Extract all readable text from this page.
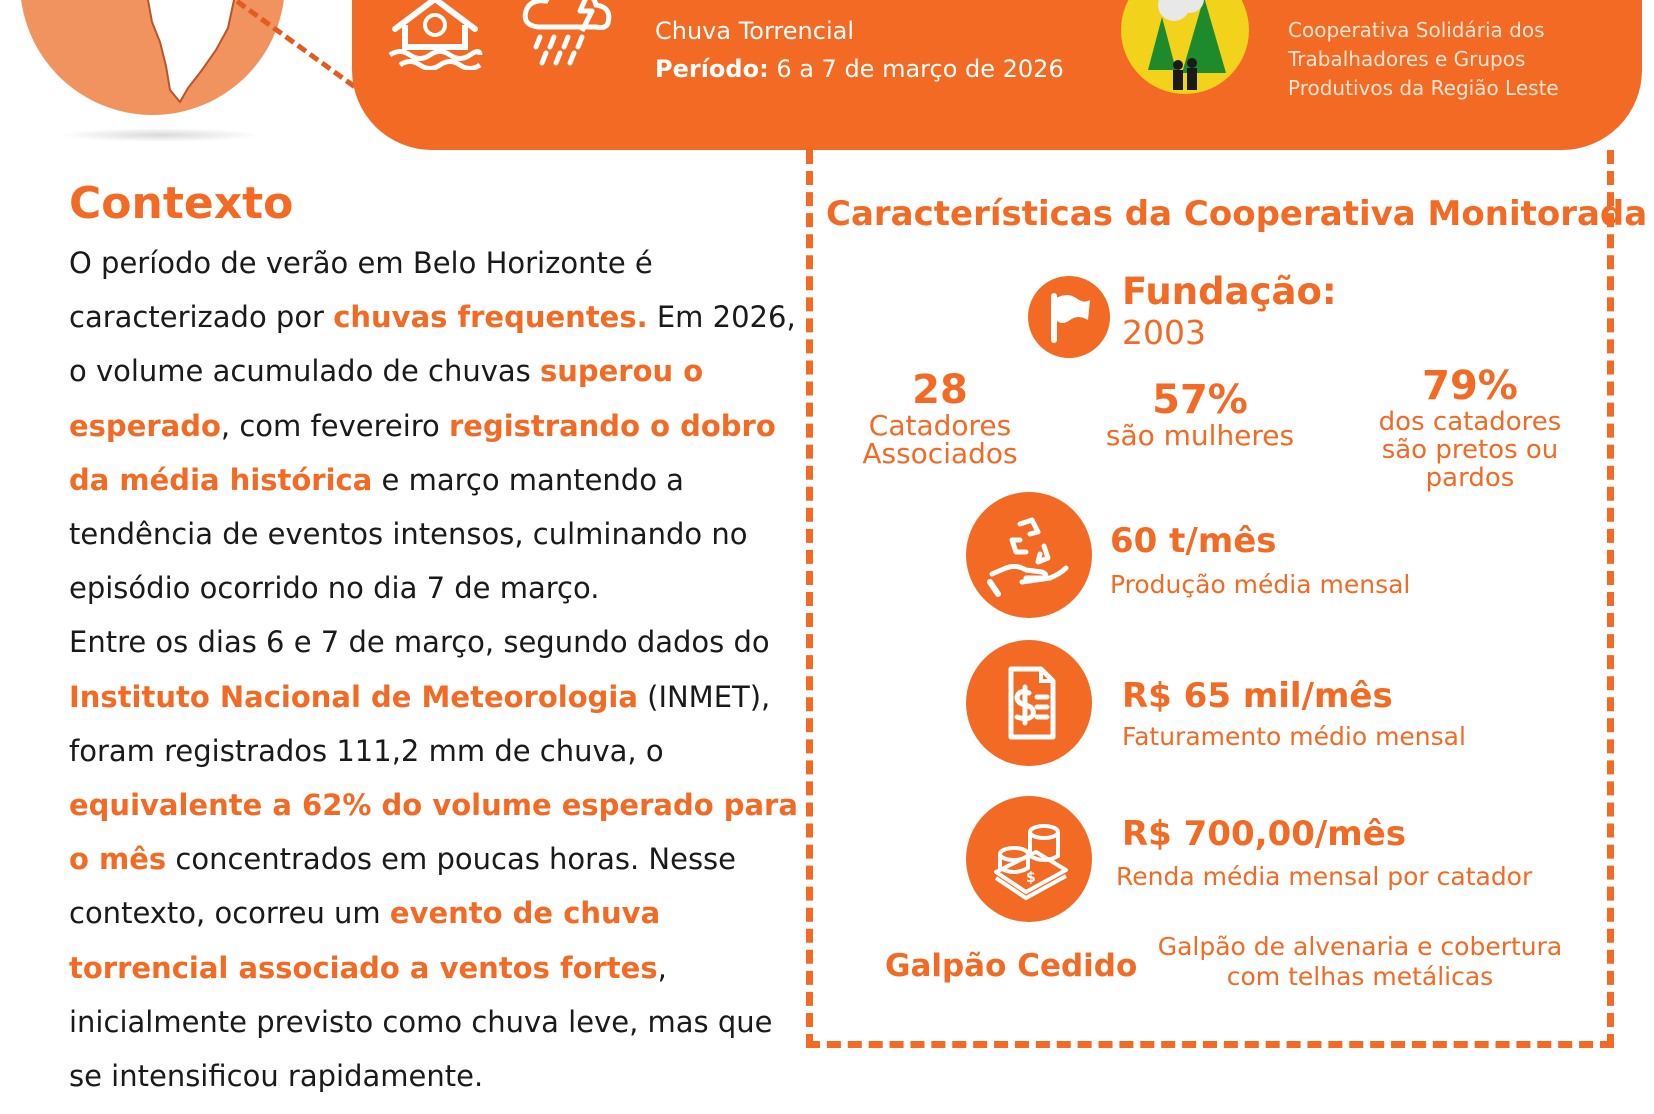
Chuva Torrencial
Período: 6 a 7 de março de 2026
Cooperativa Solidária dos
Trabalhadores e Grupos
Produtivos da Região Leste
Contexto
O período de verão em Belo Horizonte é caracterizado por chuvas frequentes. Em 2026, o volume acumulado de chuvas superou o esperado, com fevereiro registrando o dobro da média histórica e março mantendo a tendência de eventos intensos, culminando no episódio ocorrido no dia 7 de março.
Entre os dias 6 e 7 de março, segundo dados do Instituto Nacional de Meteorologia (INMET), foram registrados 111,2 mm de chuva, o equivalente a 62% do volume esperado para o mês concentrados em poucas horas. Nesse contexto, ocorreu um evento de chuva torrencial associado a ventos fortes, inicialmente previsto como chuva leve, mas que se intensificou rapidamente.
Características da Cooperativa Monitorada
Fundação:
2003
28
Catadores
Associados
57%
são mulheres
79%
dos catadores
são pretos ou
pardos
60 t/mês
Produção média mensal
R$ 65 mil/mês
Faturamento médio mensal
$
R$ 700,00/mês
Renda média mensal por catador
Galpão Cedido
Galpão de alvenaria e cobertura
com telhas metálicas
